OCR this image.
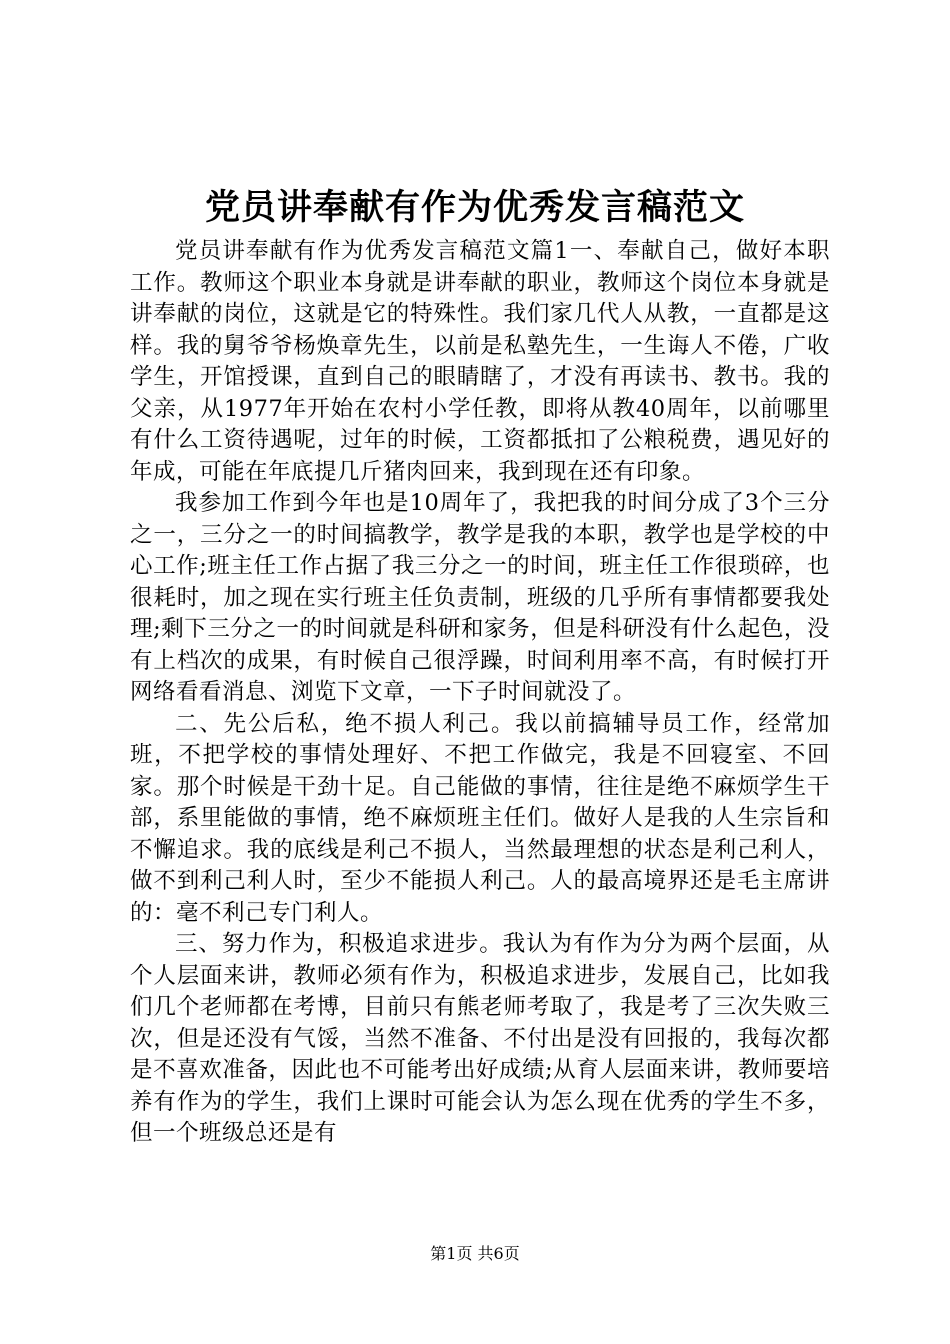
党员讲奉献有作为优秀发言稿范文

党员讲奉献有作为优秀发言稿范文篇1一、奉献自己，做好本职工作。教师这个职业本身就是讲奉献的职业，教师这个岗位本身就是讲奉献的岗位，这就是它的特殊性。我们家几代人从教，一直都是这样。我的舅爷爷杨焕章先生，以前是私塾先生，一生诲人不倦，广收学生，开馆授课，直到自己的眼睛瞎了，才没有再读书、教书。我的父亲，从1977年开始在农村小学任教，即将从教40周年，以前哪里有什么工资待遇呢，过年的时候，工资都抵扣了公粮税费，遇见好的年成，可能在年底提几斤猪肉回来，我到现在还有印象。

我参加工作到今年也是10周年了，我把我的时间分成了3个三分之一，三分之一的时间搞教学，教学是我的本职，教学也是学校的中心工作;班主任工作占据了我三分之一的时间，班主任工作很琐碎，也很耗时，加之现在实行班主任负责制，班级的几乎所有事情都要我处理;剩下三分之一的时间就是科研和家务，但是科研没有什么起色，没有上档次的成果，有时候自己很浮躁，时间利用率不高，有时候打开网络看看消息、浏览下文章，一下子时间就没了。

二、先公后私，绝不损人利己。我以前搞辅导员工作，经常加班，不把学校的事情处理好、不把工作做完，我是不回寝室、不回家。那个时候是干劲十足。自己能做的事情，往往是绝不麻烦学生干部，系里能做的事情，绝不麻烦班主任们。做好人是我的人生宗旨和不懈追求。我的底线是利己不损人，当然最理想的状态是利己利人，做不到利己利人时，至少不能损人利己。人的最高境界还是毛主席讲的：毫不利己专门利人。

三、努力作为，积极追求进步。我认为有作为分为两个层面，从个人层面来讲，教师必须有作为，积极追求进步，发展自己，比如我们几个老师都在考博，目前只有熊老师考取了，我是考了三次失败三次，但是还没有气馁，当然不准备、不付出是没有回报的，我每次都是不喜欢准备，因此也不可能考出好成绩;从育人层面来讲，教师要培养有作为的学生，我们上课时可能会认为怎么现在优秀的学生不多，但一个班级总还是有

第1页 共6页
